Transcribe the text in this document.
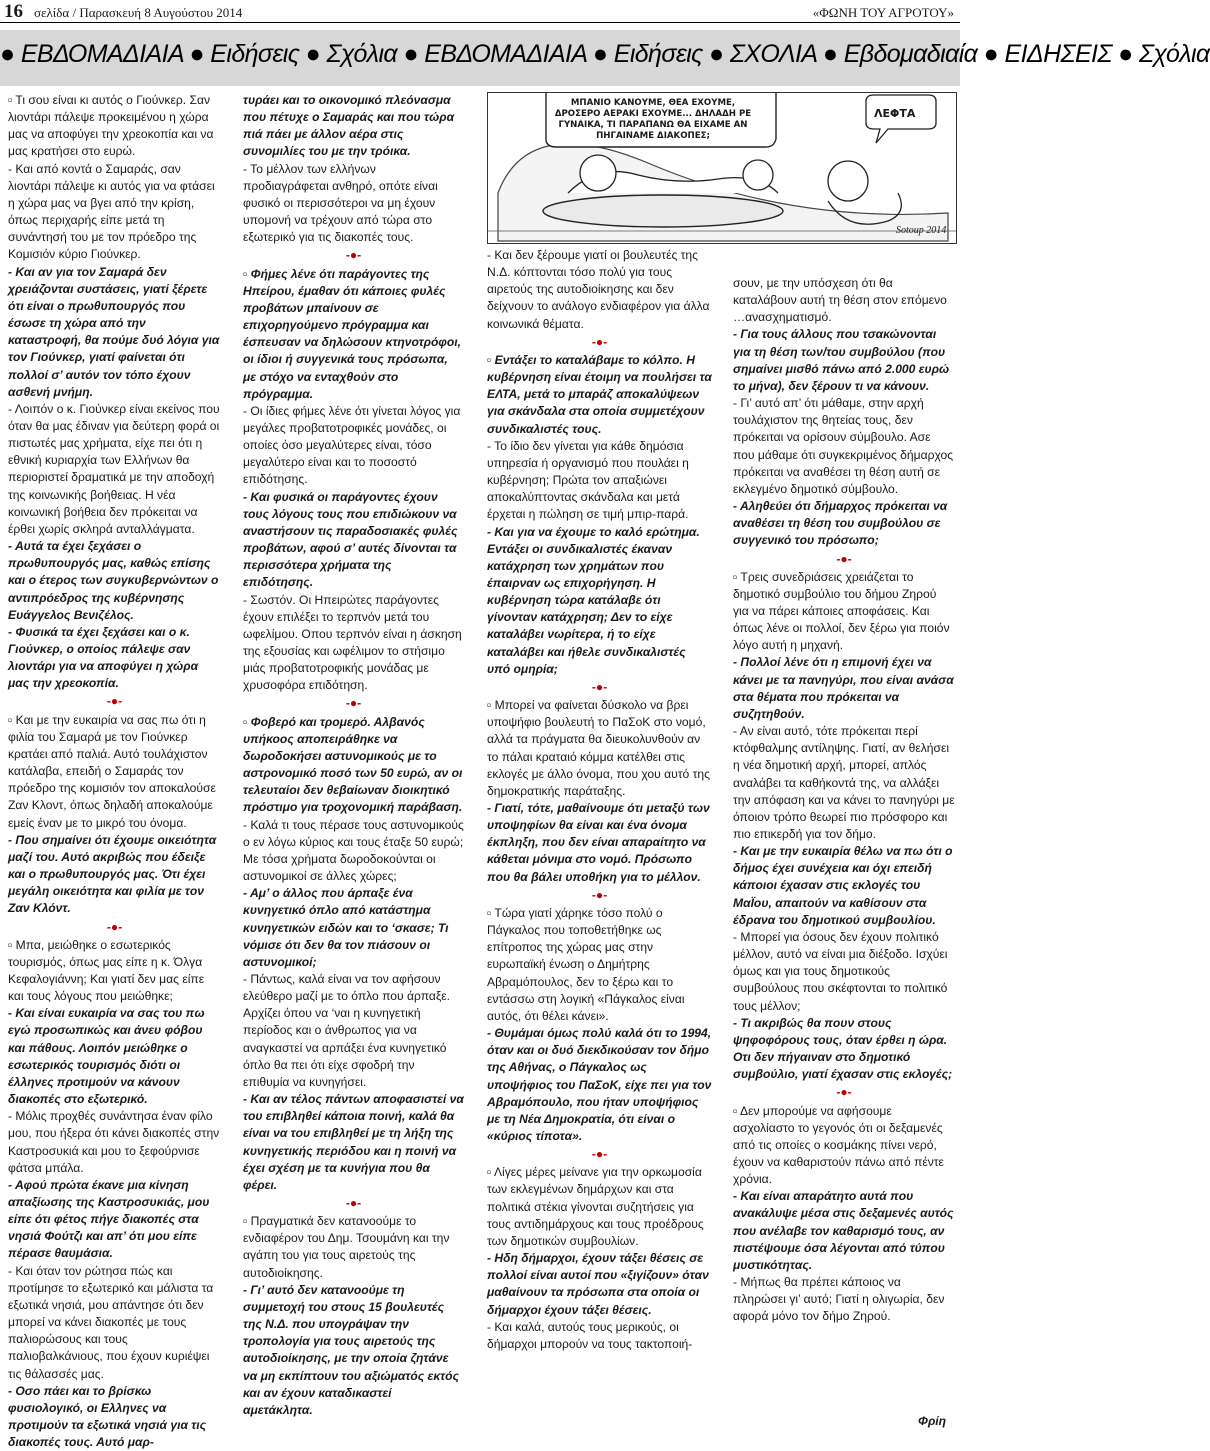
16 σελίδα / Παρασκευή 8 Αυγούστου 2014	«ΦΩΝΗ ΤΟΥ ΑΓΡΟΤΟΥ»
● ΕΒΔΟΜΑΔΙΑΙΑ ● Ειδήσεις ● Σχόλια ● ΕΒΔΟΜΑΔΙΑΙΑ ● Ειδήσεις ● ΣΧΟΛΙΑ ● Εβδομαδιαία ● ΕΙΔΗΣΕΙΣ ● Σχόλια
ΜΠΑΝΙΟ ΚΑΝΟΥΜΕ, ΘΕΑ ΕΧΟΥΜΕ, ΔΡΟΣΕΡΟ ΑΕΡΑΚΙ ΕΧΟΥΜΕ... ΔΗΛΑΔΗ ΡΕ ΓΥΝΑΙΚΑ, ΤΙ ΠΑΡΑΠΑΝΩ ΘΑ ΕΙΧΑΜΕ ΑΝ ΠΗΓΑΙΝΑΜΕ ΔΙΑΚΟΠΕΣ;
ΛΕΦΤΑ
Sotoup 2014

▫ Τι σου είναι κι αυτός ο Γιούνκερ. Σαν λιοντάρι πάλεψε προκειμένου η χώρα μας να αποφύγει την χρεοκοπία και να μας κρατήσει στο ευρώ.

- Και από κοντά ο Σαμαράς, σαν λιοντάρι πάλεψε κι αυτός για να φτάσει η χώρα μας να βγει από την κρίση, όπως περιχαρής είπε μετά τη συνάντησή του με τον πρόεδρο της Κομισιόν κύριο Γιούνκερ.

- Και αν για τον Σαμαρά δεν χρειάζονται συστάσεις, γιατί ξέρετε ότι είναι ο πρωθυπουργός που έσωσε τη χώρα από την καταστροφή, θα πούμε δυό λόγια για τον Γιούνκερ, γιατί φαίνεται ότι πολλοί σ’ αυτόν τον τόπο έχουν ασθενή μνήμη.

- Λοιπόν ο κ. Γιούνκερ είναι εκείνος που όταν θα μας έδιναν για δεύτερη φορά οι πιστωτές μας χρήματα, είχε πει ότι η εθνική κυριαρχία των Ελλήνων θα περιοριστεί δραματικά με την αποδοχή της κοινωνικής βοήθειας. Η νέα κοινωνική βοήθεια δεν πρόκειται να έρθει χωρίς σκληρά ανταλλάγματα.

- Αυτά τα έχει ξεχάσει ο πρωθυπουργός μας, καθώς επίσης και ο έτερος των συγκυβερνώντων ο αντιπρόεδρος της κυβέρνησης Ευάγγελος Βενιζέλος.

- Φυσικά τα έχει ξεχάσει και ο κ. Γιούνκερ, ο οποίος πάλεψε σαν λιοντάρι για να αποφύγει η χώρα μας την χρεοκοπία.

-●-

▫ Και με την ευκαιρία να σας πω ότι η φιλία του Σαμαρά με τον Γιούνκερ κρατάει από παλιά. Αυτό τουλάχιστον κατάλαβα, επειδή ο Σαμαράς τον πρόεδρο της κομισιόν τον αποκαλούσε Ζαν Κλοντ, όπως δηλαδή αποκαλούμε εμείς έναν με το μικρό του όνομα.

- Που σημαίνει ότι έχουμε οικειότητα μαζί του. Αυτό ακριβώς που έδειξε και ο πρωθυπουργός μας. Ότι έχει μεγάλη οικειότητα και φιλία με τον Ζαν Κλόντ.

-●-

▫ Μπα, μειώθηκε ο εσωτερικός τουρισμός, όπως μας είπε η κ. Όλγα Κεφαλογιάννη; Και γιατί δεν μας είπε και τους λόγους που μειώθηκε;

- Και είναι ευκαιρία να σας του πω εγώ προσωπικώς και άνευ φόβου και πάθους. Λοιπόν μειώθηκε ο εσωτερικός τουρισμός διότι οι έλληνες προτιμούν να κάνουν διακοπές στο εξωτερικό.

- Μόλις προχθές συνάντησα έναν φίλο μου, που ήξερα ότι κάνει διακοπές στην Καστροσυκιά και μου το ξεφούρνισε φάτσα μπάλα.

- Αφού πρώτα έκανε μια κίνηση απαξίωσης της Καστροσυκιάς, μου είπε ότι φέτος πήγε διακοπές στα νησιά Φούτζι και απ’ ότι μου είπε πέρασε θαυμάσια.

- Και όταν τον ρώτησα πώς και προτίμησε το εξωτερικό και μάλιστα τα εξωτικά νησιά, μου απάντησε ότι δεν μπορεί να κάνει διακοπές με τους παλιορώσους και τους παλιοβαλκάνιους, που έχουν κυριέψει τις θάλασσές μας.

- Οσο πάει και το βρίσκω φυσιολογικό, οι Ελληνες να προτιμούν τα εξωτικά νησιά για τις διακοπές τους. Αυτό μαρ-

τυράει και το οικονομικό πλεόνασμα που πέτυχε ο Σαμαράς και που τώρα πιά πάει με άλλον αέρα στις συνομιλίες του με την τρόικα.

- Το μέλλον των ελλήνων προδιαγράφεται ανθηρό, οπότε είναι φυσικό οι περισσότεροι να μη έχουν υπομονή να τρέχουν από τώρα στο εξωτερικό για τις διακοπές τους.

-●-

▫ Φήμες λένε ότι παράγοντες της Ηπείρου, έμαθαν ότι κάποιες φυλές προβάτων μπαίνουν σε επιχορηγούμενο πρόγραμμα και έσπευσαν να δηλώσουν κτηνοτρόφοι, οι ίδιοι ή συγγενικά τους πρόσωπα, με στόχο να ενταχθούν στο πρόγραμμα.

- Οι ίδιες φήμες λένε ότι γίνεται λόγος για μεγάλες προβατοτροφικές μονάδες, οι οποίες όσο μεγαλύτερες είναι, τόσο μεγαλύτερο είναι και το ποσοστό επιδότησης.

- Και φυσικά οι παράγοντες έχουν τους λόγους τους που επιδιώκουν να αναστήσουν τις παραδοσιακές φυλές προβάτων, αφού σ’ αυτές δίνονται τα περισσότερα χρήματα της επιδότησης.

- Σωστόν. Οι Ηπειρώτες παράγοντες έχουν επιλέξει το τερπνόν μετά του ωφελίμου. Οπου τερπνόν είναι η άσκηση της εξουσίας και ωφέλιμον το στήσιμο μιάς προβατοτροφικής μονάδας με χρυσοφόρα επιδότηση.

-●-

▫ Φοβερό και τρομερό. Αλβανός υπήκοος αποπειράθηκε να δωροδοκήσει αστυνομικούς με το αστρονομικό ποσό των 50 ευρώ, αν οι τελευταίοι δεν θεβαίωναν διοικητικό πρόστιμο για τροχονομική παράβαση.

- Καλά τι τους πέρασε τους αστυνομικούς ο εν λόγω κύριος και τους έταξε 50 ευρώ; Με τόσα χρήματα δωροδοκούνται οι αστυνομικοί σε άλλες χώρες;

- Αμ’ ο άλλος που άρπαξε ένα κυνηγετικό όπλο από κατάστημα κυνηγετικών ειδών και το ‘σκασε; Τι νόμισε ότι δεν θα τον πιάσουν οι αστυνομικοί;

- Πάντως, καλά είναι να τον αφήσουν ελεύθερο μαζί με το όπλο που άρπαξε. Αρχίζει όπου να ‘ναι η κυνηγετική περίοδος και ο άνθρωπος για να αναγκαστεί να αρπάξει ένα κυνηγετικό όπλο θα πει ότι είχε σφοδρή την επιθυμία να κυνηγήσει.

- Και αν τέλος πάντων αποφασιστεί να του επιβληθεί κάποια ποινή, καλά θα είναι να του επιβληθεί με τη λήξη της κυνηγετικής περιόδου και η ποινή να έχει σχέση με τα κυνήγια που θα φέρει.

-●-

▫ Πραγματικά δεν κατανοούμε το ενδιαφέρον του Δημ. Τσουμάνη και την αγάπη του για τους αιρετούς της αυτοδιοίκησης.

- Γι’ αυτό δεν κατανοούμε τη συμμετοχή του στους 15 βουλευτές της Ν.Δ. που υπογράψαν την τροπολογία για τους αιρετούς της αυτοδιοίκησης, με την οποία ζητάνε να μη εκπίπτουν του αξιώματός εκτός και αν έχουν καταδικαστεί αμετάκλητα.

- Και δεν ξέρουμε γιατί οι βουλευτές της Ν.Δ. κόπτονται τόσο πολύ για τους αιρετούς της αυτοδιοίκησης και δεν δείχνουν το ανάλογο ενδιαφέρον για άλλα κοινωνικά θέματα.

-●-

▫ Εντάξει το καταλάβαμε το κόλπο. Η κυβέρνηση είναι έτοιμη να πουλήσει τα ΕΛΤΑ, μετά το μπαράζ αποκαλύψεων για σκάνδαλα στα οποία συμμετέχουν συνδικαλιστές τους.

- Το ίδιο δεν γίνεται για κάθε δημόσια υπηρεσία ή οργανισμό που πουλάει η κυβέρνηση; Πρώτα τον απαξιώνει αποκαλύπτοντας σκάνδαλα και μετά έρχεται η πώληση σε τιμή μπιρ-παρά.

- Και για να έχουμε το καλό ερώτημα. Εντάξει οι συνδικαλιστές έκαναν κατάχρηση των χρημάτων που έπαιρναν ως επιχορήγηση. Η κυβέρνηση τώρα κατάλαβε ότι γίνονταν κατάχρηση; Δεν το είχε καταλάβει νωρίτερα, ή το είχε καταλάβει και ήθελε συνδικαλιστές υπό ομηρία;

-●-

▫ Μπορεί να φαίνεται δύσκολο να βρει υποψήφιο βουλευτή το ΠαΣοΚ στο νομό, αλλά τα πράγματα θα διευκολυνθούν αν το πάλαι κραταιό κόμμα κατέλθει στις εκλογές με άλλο όνομα, που χου αυτό της δημοκρατικής παράταξης.

- Γιατί, τότε, μαθαίνουμε ότι μεταξύ των υποψηφίων θα είναι και ένα όνομα έκπληξη, που δεν είναι απαραίτητο να κάθεται μόνιμα στο νομό. Πρόσωπο που θα βάλει υποθήκη για το μέλλον.

-●-

▫ Τώρα γιατί χάρηκε τόσο πολύ ο Πάγκαλος που τοποθετήθηκε ως επίτροπος της χώρας μας στην ευρωπαϊκή ένωση ο Δημήτρης Αβραμόπουλος, δεν το ξέρω και το εντάσσω στη λογική «Πάγκαλος είναι αυτός, ότι θέλει κάνει».

- Θυμάμαι όμως πολύ καλά ότι το 1994, όταν και οι δυό διεκδικούσαν τον δήμο της Αθήνας, ο Πάγκαλος ως υποψήφιος του ΠαΣοΚ, είχε πει για τον Αβραμόπουλο, που ήταν υποψήφιος με τη Νέα Δημοκρατία, ότι είναι ο «κύριος τίποτα».

-●-

▫ Λίγες μέρες μείνανε για την ορκωμοσία των εκλεγμένων δημάρχων και στα πολιτικά στέκια γίνονται συζητήσεις για τους αντιδημάρχους και τους προέδρους των δημοτικών συμβουλίων.

- Ηδη δήμαρχοι, έχουν τάξει θέσεις σε πολλοί είναι αυτοί που «ξιγίζουν» όταν μαθαίνουν τα πρόσωπα στα οποία οι δήμαρχοι έχουν τάξει θέσεις.

- Και καλά, αυτούς τους μερικούς, οι δήμαρχοι μπορούν να τους τακτοποιή-

σουν, με την υπόσχεση ότι θα καταλάβουν αυτή τη θέση στον επόμενο …ανασχηματισμό.

- Για τους άλλους που τσακώνονται για τη θέση των/του συμβούλου (που σημαίνει μισθό πάνω από 2.000 ευρώ το μήνα), δεν ξέρουν τι να κάνουν.

- Γι’ αυτό απ’ ότι μάθαμε, στην αρχή τουλάχιστον της θητείας τους, δεν πρόκειται να ορίσουν σύμβουλο. Ασε που μάθαμε ότι συγκεκριμένος δήμαρχος πρόκειται να αναθέσει τη θέση αυτή σε εκλεγμένο δημοτικό σύμβουλο.

- Αληθεύει ότι δήμαρχος πρόκειται να αναθέσει τη θέση του συμβούλου σε συγγενικό του πρόσωπο;

-●-

▫ Τρεις συνεδριάσεις χρειάζεται το δημοτικό συμβούλιο του δήμου Ζηρού για να πάρει κάποιες αποφάσεις. Και όπως λένε οι πολλοί, δεν ξέρω για ποιόν λόγο αυτή η μηχανή.

- Πολλοί λένε ότι η επιμονή έχει να κάνει με τα πανηγύρι, που είναι ανάσα στα θέματα που πρόκειται να συζητηθούν.

- Αν είναι αυτό, τότε πρόκειται περί κτόφθαλμης αντίληψης. Γιατί, αν θελήσει η νέα δημοτική αρχή, μπορεί, απλός αναλάβει τα καθήκοντά της, να αλλάξει την απόφαση και να κάνει το πανηγύρι με όποιον τρόπο θεωρεί πιο πρόσφορο και πιο επικερδή για τον δήμο.

- Και με την ευκαιρία θέλω να πω ότι ο δήμος έχει συνέχεια και όχι επειδή κάποιοι έχασαν στις εκλογές του ΜαΪου, απαιτούν να καθίσουν στα έδρανα του δημοτικού συμβουλίου.

- Μπορεί για όσους δεν έχουν πολιτικό μέλλον, αυτό να είναι μια διέξοδο. Ισχύει όμως και για τους δημοτικούς συμβούλους που σκέφτονται το πολιτικό τους μέλλον;

- Τι ακριβώς θα πουν στους ψηφοφόρους τους, όταν έρθει η ώρα. Οτι δεν πήγαιναν στο δημοτικό συμβούλιο, γιατί έχασαν στις εκλογές;

-●-

▫ Δεν μπορούμε να αφήσουμε ασχολίαστο το γεγονός ότι οι δεξαμενές από τις οποίες ο κοσμάκης πίνει νερό, έχουν να καθαριστούν πάνω από πέντε χρόνια.

- Και είναι απαράτητο αυτά που ανακάλυψε μέσα στις δεξαμενές αυτός που ανέλαβε τον καθαρισμό τους, αν πιστέψουμε όσα λέγονται από τύπου μυστικότητας.

- Μήπως θα πρέπει κάποιος να πληρώσει γι’ αυτό; Γιατί η ολιγωρία, δεν αφορά μόνο τον δήμο Ζηρού.

Φρίη
